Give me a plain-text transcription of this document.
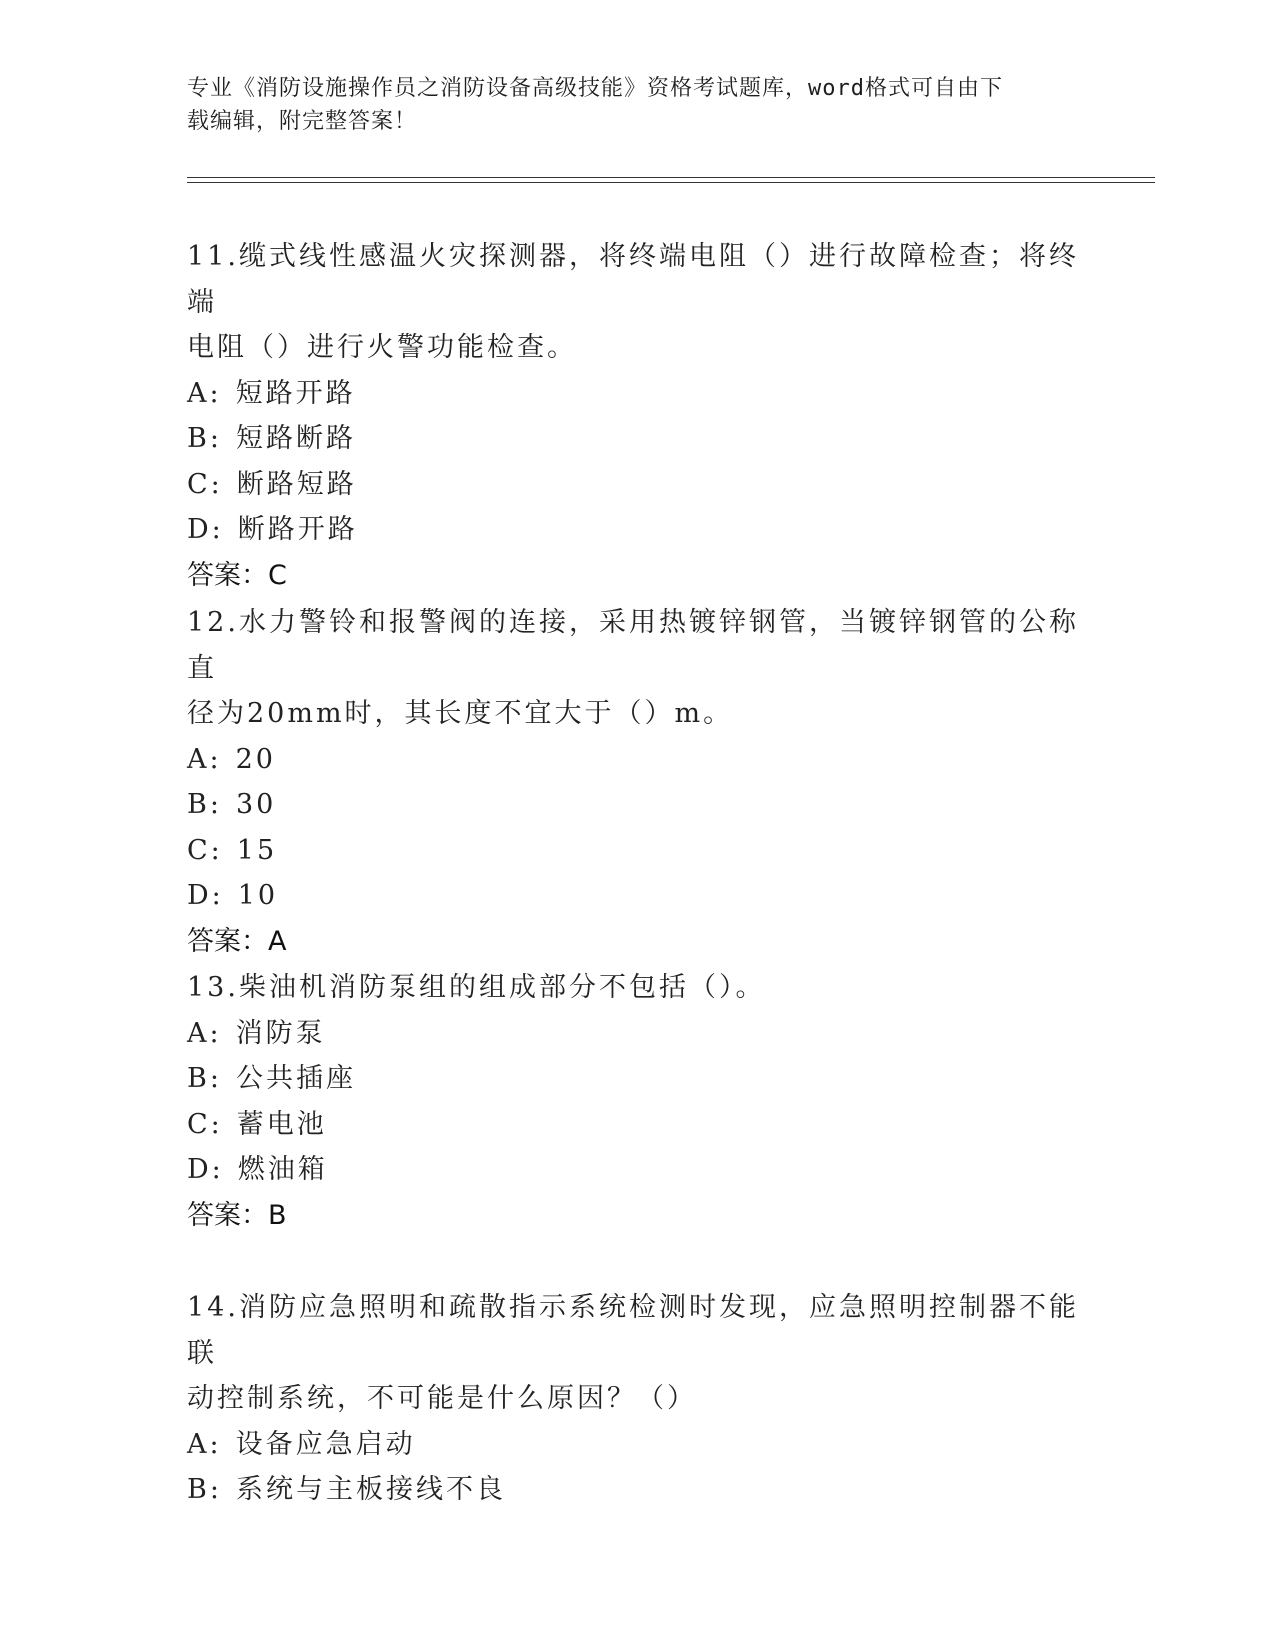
专业《消防设施操作员之消防设备高级技能》资格考试题库，word格式可自由下
载编辑，附完整答案！

11.缆式线性感温火灾探测器，将终端电阻（）进行故障检查；将终端
电阻（）进行火警功能检查。

A: 短路开路

B: 短路断路

C: 断路短路

D: 断路开路

答案：C

12.水力警铃和报警阀的连接，采用热镀锌钢管，当镀锌钢管的公称直
径为20mm时，其长度不宜大于（）m。

A: 20

B: 30

C: 15

D: 10

答案：A

13.柴油机消防泵组的组成部分不包括（）。

A: 消防泵

B: 公共插座

C: 蓄电池

D: 燃油箱

答案：B

14.消防应急照明和疏散指示系统检测时发现，应急照明控制器不能联
动控制系统，不可能是什么原因？（）

A: 设备应急启动

B: 系统与主板接线不良
